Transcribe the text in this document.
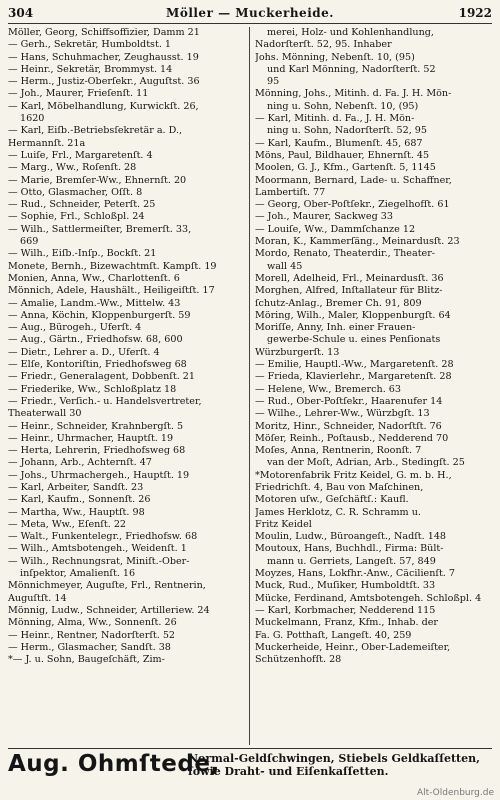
304	Möller — Muckerheide.	1922
Möller, Georg, Schiffsoffizier, Damm 21
— Gerh., Sekretär, Humboldtst. 1
— Hans, Schuhmacher, Zeughausst. 19
— Heinr., Sekretär, Brommyst. 14
— Herm., Justiz-Oberſekr., Auguſtst. 36
— Joh., Maurer, Frieſenſt. 11
— Karl, Möbelhandlung, Kurwickſt. 26,
1620
— Karl, Eiſb.-Betriebsſekretär a. D.,
Hermannſt. 21a
— Luiſe, Frl., Margaretenſt. 4
— Marg., Ww., Roſenſt. 28
— Marie, Bremſer-Ww., Ehnernſt. 20
— Otto, Glasmacher, Oſſt. 8
— Rud., Schneider, Peterſt. 25
— Sophie, Frl., Schloßpl. 24
— Wilh., Sattlermeiſter, Bremerſt. 33,
669
— Wilh., Eiſb.-Inſp., Bockſt. 21
Monete, Bernh., Bizewachtmſt. Kampſt. 19
Monien, Anna, Ww., Charlottenſt. 6
Mönnich, Adele, Haushält., Heiligeiſtſt. 17
— Amalie, Landm.-Ww., Mittelw. 43
— Anna, Köchin, Kloppenburgerſt. 59
— Aug., Bürogeh., Uferſt. 4
— Aug., Gärtn., Friedhofsw. 68, 600
— Dietr., Lehrer a. D., Uferſt. 4
— Elſe, Kontoriſtin, Friedhofsweg 68
— Friedr., Generalagent, Dobbenſt. 21
— Friederike, Ww., Schloßplatz 18
— Friedr., Verſich.- u. Handelsvertreter,
Theaterwall 30
— Heinr., Schneider, Krahnbergſt. 5
— Heinr., Uhrmacher, Hauptſt. 19
— Herta, Lehrerin, Friedhofsweg 68
— Johann, Arb., Achternſt. 47
— Johs., Uhrmachergeh., Hauptſt. 19
— Karl, Arbeiter, Sandſt. 23
— Karl, Kaufm., Sonnenſt. 26
— Martha, Ww., Hauptſt. 98
— Meta, Ww., Eſenſt. 22
— Walt., Funkentelegr., Friedhofsw. 68
— Wilh., Amtsbotengeh., Weidenſt. 1
— Wilh., Rechnungsrat, Miniſt.-Ober-
inſpektor, Amalienſt. 16
Mönnichmeyer, Auguſte, Frl., Rentnerin,
Auguſtſt. 14
Mönnig, Ludw., Schneider, Artilleriew. 24
Mönning, Alma, Ww., Sonnenſt. 26
— Heinr., Rentner, Nadorſterſt. 52
— Herm., Glasmacher, Sandſt. 38
*— J. u. Sohn, Baugeſchäft, Zim-
merei, Holz- und Kohlenhandlung,
Nadorſterſt. 52, 95. Inhaber
Johs. Mönning, Nebenſt. 10, (95)
und Karl Mönning, Nadorſterſt. 52
95
Mönning, Johs., Mitinh. d. Fa. J. H. Mön-
ning u. Sohn, Nebenſt. 10, (95)
— Karl, Mitinh. d. Fa., J. H. Mön-
ning u. Sohn, Nadorſterſt. 52, 95
— Karl, Kaufm., Blumenſt. 45, 687
Möns, Paul, Bildhauer, Ehnernſt. 45
Moolen, G. J., Kfm., Gartenſt. 5, 1145
Moormann, Bernard, Lade- u. Schaffner,
Lambertiſt. 77
— Georg, Ober-Poſtſekr., Ziegelhofſt. 61
— Joh., Maurer, Sackweg 33
— Louiſe, Ww., Dammſchanze 12
Moran, K., Kammerſäng., Meinardusſt. 23
Mordo, Renato, Theaterdir., Theater-
wall 45
Morell, Adelheid, Frl., Meinardusſt. 36
Morghen, Alfred, Inſtallateur für Blitz-
ſchutz-Anlag., Bremer Ch. 91, 809
Möring, Wilh., Maler, Kloppenburgſt. 64
Moriſſe, Anny, Inh. einer Frauen-
gewerbe-Schule u. eines Penſionats
Würzburgerſt. 13
— Emilie, Hauptl.-Ww., Margaretenſt. 28
— Frieda, Klavierlehr., Margaretenſt. 28
— Helene, Ww., Bremerch. 63
— Rud., Ober-Poſtſekr., Haarenufer 14
— Wilhe., Lehrer-Ww., Würzbgſt. 13
Moritz, Hinr., Schneider, Nadorſtſt. 76
Möſer, Reinh., Poſtausb., Nedderend 70
Moſes, Anna, Rentnerin, Roonſt. 7
van der Moſt, Adrian, Arb., Stedingſt. 25
*Motorenfabrik Fritz Keidel, G. m. b. H.,
Friedrichſt. 4, Bau von Maſchinen,
Motoren uſw., Geſchäftſ.: Kaufl.
James Herklotz, C. R. Schramm u.
Fritz Keidel
Moulin, Ludw., Büroangeſt., Nadſt. 148
Moutoux, Hans, Buchhdl., Firma: Bült-
mann u. Gerriets, Langeſt. 57, 849
Moyzes, Hans, Lokfhr.-Anw., Cäcilienſt. 7
Muck, Rud., Muſiker, Humboldtſt. 33
Mücke, Ferdinand, Amtsbotengeh. Schloßpl. 4
— Karl, Korbmacher, Nedderend 115
Muckelmann, Franz, Kfm., Inhab. der
Fa. G. Potthaſt, Langeſt. 40, 259
Muckerheide, Heinr., Ober-Lademeiſter,
Schützenhofſt. 28
Aug. Ohmſtede,
Normal-Geldſchwingen, Stiebels Geldkaſſetten,
ſowie Draht- und Eiſenkaſſetten.
Alt-Oldenburg.de
